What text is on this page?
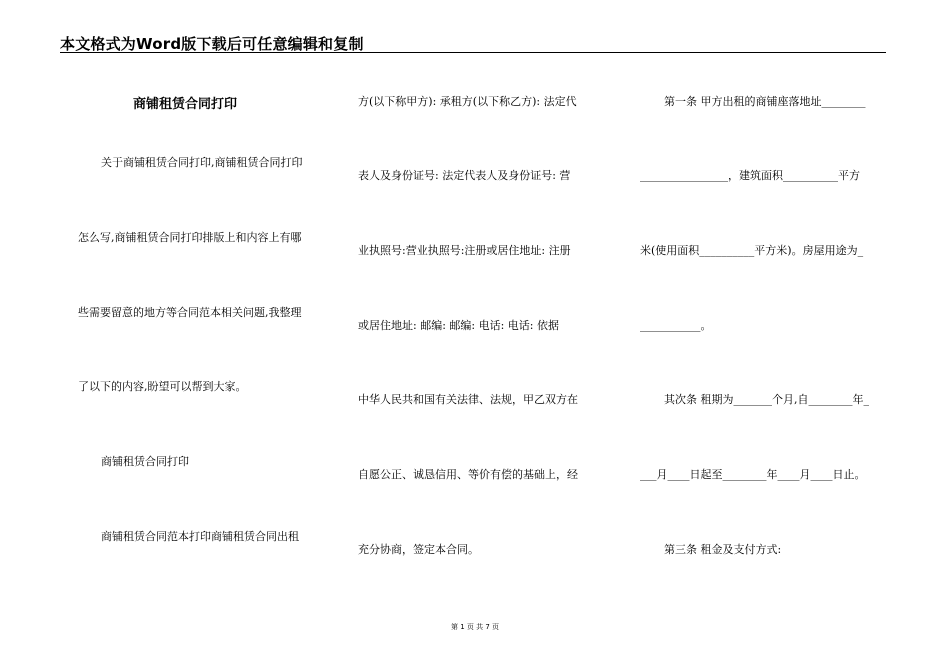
本文格式为Word版下载后可任意编辑和复制
商铺租赁合同打印
关于商铺租赁合同打印,商铺租赁合同打印
怎么写,商铺租赁合同打印排版上和内容上有哪
些需要留意的地方等合同范本相关问题,我整理
了以下的内容,盼望可以帮到大家。
商铺租赁合同打印
商铺租赁合同范本打印商铺租赁合同出租
方(以下称甲方): 承租方(以下称乙方): 法定代
表人及身份证号: 法定代表人及身份证号: 营
业执照号:营业执照号:注册或居住地址: 注册
或居住地址: 邮编: 邮编: 电话: 电话: 依据
中华人民共和国有关法律、法规，甲乙双方在
自愿公正、诚恳信用、等价有偿的基础上，经
充分协商，签定本合同。
第一条 甲方出租的商铺座落地址________
________________，建筑面积__________平方
米(使用面积__________平方米)。房屋用途为_
___________。
其次条 租期为_______个月,自________年_
___月____日起至________年____月____日止。
第三条 租金及支付方式:
第 1 页 共 7 页
